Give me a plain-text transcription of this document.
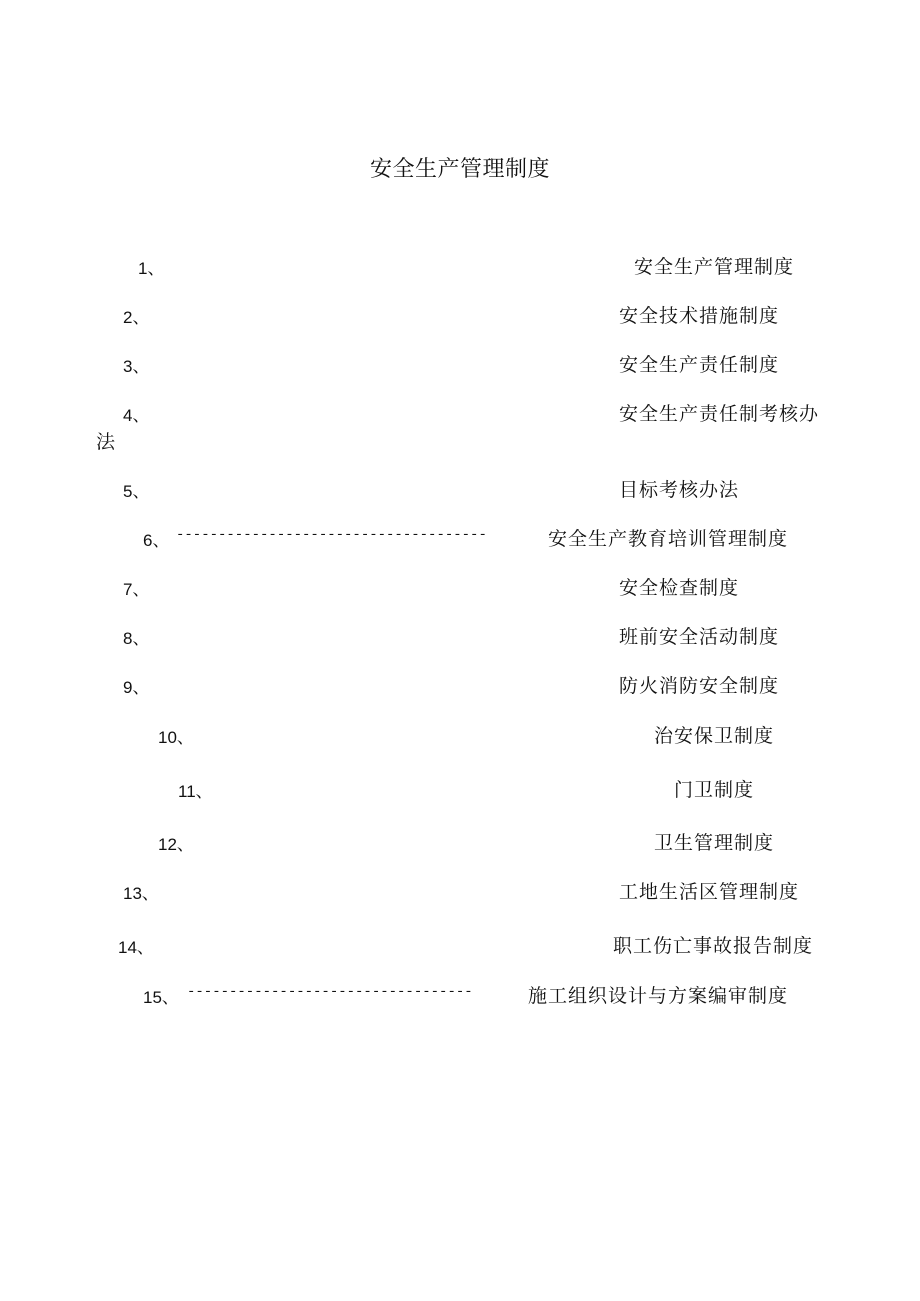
安全生产管理制度
1、	安全生产管理制度
2、	安全技术措施制度
3、	安全生产责任制度
4、	安全生产责任制考核办
法
5、	目标考核办法
6、 -------------------------------------	安全生产教育培训管理制度
7、	安全检查制度
8、	班前安全活动制度
9、	防火消防安全制度
10、	治安保卫制度
11、	门卫制度
12、	卫生管理制度
13、	工地生活区管理制度
14、	职工伤亡事故报告制度
15、 ----------------------------------	施工组织设计与方案编审制度
